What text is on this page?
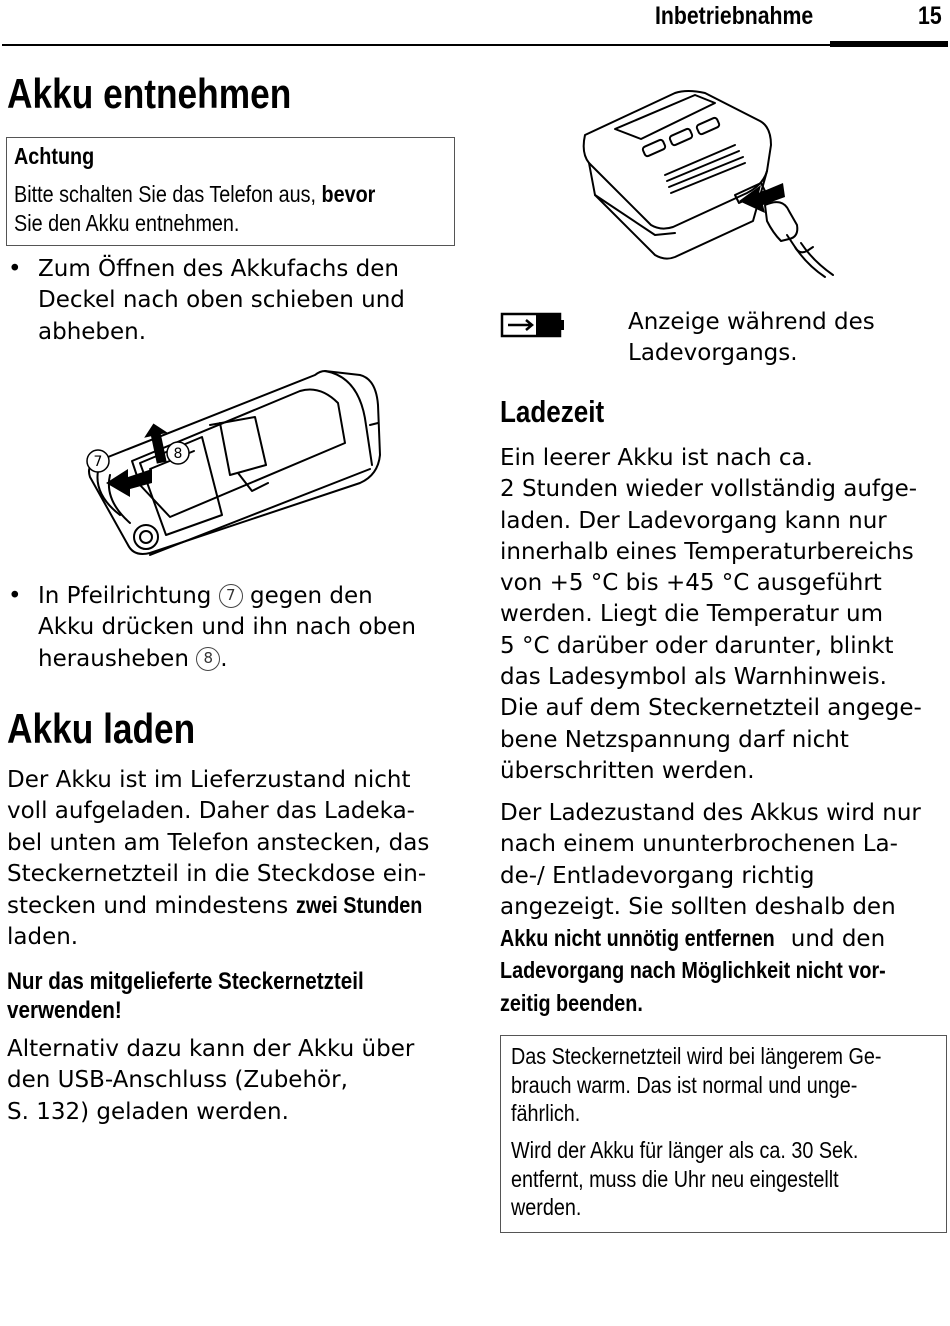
Inbetriebnahme	15
Akku entnehmen
Achtung
Bitte schalten Sie das Telefon aus, bevor
Sie den Akku entnehmen.
• Zum Öffnen des Akkufachs den
Deckel nach oben schieben und
abheben.
7	8
• In Pfeilrichtung 7 gegen den
Akku drücken und ihn nach oben
herausheben 8 .
Akku laden
Der Akku ist im Lieferzustand nicht
voll aufgeladen. Daher das Ladeka-
bel unten am Telefon anstecken, das
Steckernetzteil in die Steckdose ein-
stecken und mindestens zwei Stunden
laden.
Nur das mitgelieferte Steckernetzteil
verwenden!
Alternativ dazu kann der Akku über
den USB-Anschluss (Zubehör,
S. 132) geladen werden.
Anzeige während des
Ladevorgangs.
Ladezeit
Ein leerer Akku ist nach ca.
2 Stunden wieder vollständig aufge-
laden. Der Ladevorgang kann nur
innerhalb eines Temperaturbereichs
von +5 °C bis +45 °C ausgeführt
werden. Liegt die Temperatur um
5 °C darüber oder darunter, blinkt
das Ladesymbol als Warnhinweis.
Die auf dem Steckernetzteil angege-
bene Netzspannung darf nicht
überschritten werden.
Der Ladezustand des Akkus wird nur
nach einem ununterbrochenen La-
de-/ Entladevorgang richtig
angezeigt. Sie sollten deshalb den
Akku nicht unnötig entfernen und den
Ladevorgang nach Möglichkeit nicht vor-
zeitig beenden.
Das Steckernetzteil wird bei längerem Ge-
brauch warm. Das ist normal und unge-
fährlich.
Wird der Akku für länger als ca. 30 Sek.
entfernt, muss die Uhr neu eingestellt
werden.
